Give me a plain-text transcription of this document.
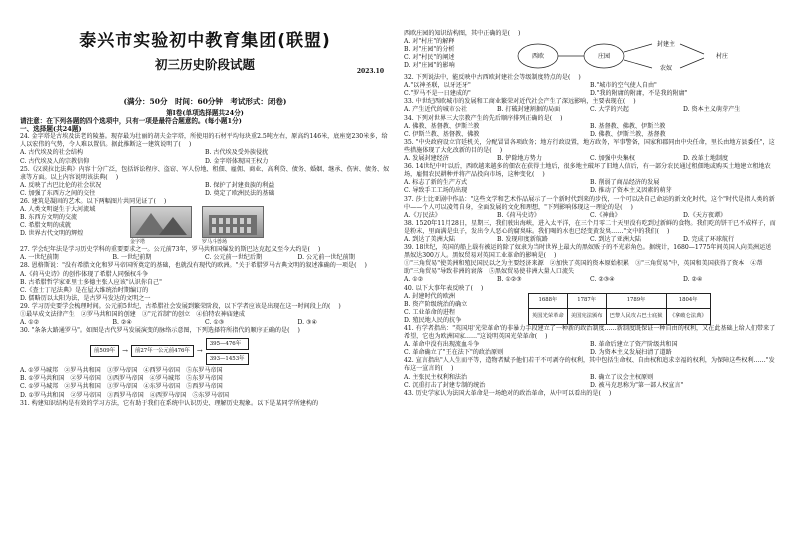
泰兴市实验初中教育集团(联盟)
初三历史阶段试题	2023.10
(满分：50分　时间：60分钟　考试形式：闭卷)

第Ⅰ卷(单项选择题共24分)

请注意：在下列各题的四个选项中，只有一项是最符合题意的。(每小题1分)

一、选择题(共24题)

24. 金字塔是古埃及法老的陵墓。现存最为壮丽的胡夫金字塔，所使用的石材平均每块重2.5吨左右，原高约146米，底座宽230米多，给人以宏伟的气势，令人难以置信。据此推断这一建筑说明了( 　)

A. 古代埃及的社会结构	B. 古代埃及受外族侵扰
C. 古代埃及人的宗教信仰	D. 金字塔体现国王权力

25.《汉谟拉比法典》内容十分广泛，包括诉讼程序、盗窃、军人份地、租佃、雇佣、商业、高利贷、债务、婚姻、继承、伤害、债务、奴隶等方面。以上内容说明该法典( 　)

A. 反映了古巴比伦的社会状况	B. 保护了封建贵族的利益
C. 加强了东西方之间的交往	D. 奠定了欧洲民法的基础

26. 建筑是凝固的艺术。以下两幅图片共同见证了( 　)

A. 人类文明诞生于大河流域
B. 东西方文明的交流
C. 希腊文明的成就
D. 世界古代文明的辉煌
金字塔	罗马斗兽场

27. 学会纪年法是学习历史学科的重要要求之一。公元前73年，罗马共和国爆发的斯巴达克起义至今大约是( 　)

A. 一世纪前期	B. 一世纪前期	C. 公元前一世纪后期	D. 公元前一世纪前期

28. 恩格斯说："没有希腊文化和罗马帝国所奠定的基础，也就没有现代的欧洲。"关于希腊罗马古典文明的叙述准确的一项是( 　)

A.《荷马史诗》的创作体现了希腊人同强权斗争
B. 古希腊哲学家亚里士多德主张人应该"认识你自己"
C.《查士丁尼法典》是在屋大维统治时期编订的
D. 儒略历以太阳为法，是古罗马发达的文明之一

29. 学习历史要学会梳理时间。公元前5世纪，古希腊社会发展到繁荣阶段，以下学者应该是出现在这一时间段上的( 　)

①最早成文法律产生　②罗马共和国的创建　③"元首制"的创立　④伯特农神庙建成

A. ①②	B. ②④	C. ①③	D. ③④

30. "条条大路通罗马"。如图是古代罗马发展演变的脉络示意图，下列选择符所指代的顺序正确的是( 　)

前509年	→	前27年一公元前476年	→
395—476年
393—1453年
A. ①罗马城邦　②罗马共和国　③罗马帝国　④西罗马帝国　⑤东罗马帝国
B. ①罗马共和国　②罗马帝国　③西罗马帝国　④罗马城邦　⑤东罗马帝国
C. ①罗马城邦　②罗马共和国　③罗马帝国　④东罗马帝国　⑤西罗马帝国
D. ①罗马共和国　②罗马帝国　③西罗马帝国　④西罗马帝国　⑤东罗马帝国

31. 构建知识结构是有效的学习方法，它有助于我们在系统中认识历史、理解历史现象。以下是某同学所建构的

西欧庄园的知识结构图，其中正确的是( 　)

A. 对"村庄"的解释
B. 对"庄园"的分析
C. 对"村民"的阐述
D. 对"庄园"的影响
西欧	庄园
封建主
农奴
村庄

32. 下列说法中，能反映中古西欧封建社会等级制度特点的是( 　)

A."以神圣联，以牙还牙"	B."城市的空气使人自由"
C."罗马不是一日建成的"	D."我的附庸的附庸，不是我的附庸"

33. 中世纪西欧城市的发展和工商业繁荣对近代社会产生了深远影响，主要表现在( 　)

A. 产生近代的城市公社	B. 打破封建割据的局面	C. 大学的兴起	D. 资本主义萌芽产生

34. 下列对世界三大宗教产生的先后顺序排列正确的是( 　)

A. 佛教、基督教、伊斯兰教	B. 基督教、佛教、伊斯兰教
C. 伊斯兰教、基督教、佛教	D. 佛教、伊斯兰教、基督教

35. "中央政府设立宫廷机关，分配冒冒各项政务；地方行政设置，地方政务，军事警备，国家和郡同由中央任命，里长由地方县委任"，这些措施体现了大化改新的目的是( 　)

A. 发展封建经济	B. 铲除地方势力	C. 加强中央集权	D. 改革土地制度

36. 14世纪中叶以后，西欧越来越多的佃农在获得土地后，很多地主破坏了旧地人信后，有一部分农民通过租佃地或购买土地建立租地农场，雇佣农民耕种并将产品投向市场，这种变化( 　)

A. 标志了新的生产方式	B. 削弱了商品经济的发展
C. 导致手工工场的出现	D. 推动了资本主义因素的萌芽

37. 莎士比亚剧中作品："这些文学和艺术作品展示了一个新时代到来的步伐，一个可以决自己命运的新文化时代，这个"时代是指人类的新中——个人可以凌驾自身，全面发展的文化和理想，"下列影响体现这一理论的是( 　)

A.《万民法》	B.《荷马史诗》	C.《神曲》	D.《天方夜谭》

38. 1520年11月28日，星期三，我们驶出海峡，进入太平洋，在三个月零二十天里没有吃到过新鲜的食物。我们吃的饼干已不成样子，而是粉末，里面满是虫子，发出令人恶心的腐臭味。我们喝的水也已经变黄发臭……"文中的我们( 　)

A. 到达了美洲大陆	B. 发现印度新航路	C. 到达了亚洲大陆	D. 完成了环球航行

39. 18世纪，英国的船上载有被运的除了奴隶为当时世界上最大的黑奴贩子的不光彩角色。据统计，1680—1775年间英国人向美洲运送黑奴达300万人。黑奴贸易对英国工业革命的影响是( 　)

①"三角贸易"使美洲和殖民国民以之为主要经济来源　②加快了英国的资本原始积累　③"三角贸易"中，英国和美国获得了资本　④帮助"三角贸易"导致非洲的衰落　⑤黑奴贸易使非洲大量人口流失

A. ①②	B. ①②③	C. ②③④	D. ②④

40. 以下大事年表反映了( 　)

A. 封建时代的欧洲
B. 资产阶级统治的确立
C. 工业革命的进程
D. 殖民地人民的抗争
1688年	1787年	1789年	1804年
英国光荣革命	美国宪法颁布	巴黎人民攻占巴士底狱	《拿破仑法典》

41. 有学者指出："英国用'光荣革命'的非暴力手段建立了一种新的政治制度……新制度既保证一种自由的权利，又在此基础上给人们带来了希望，它也为欧洲国家……"这说明英国光荣革命( 　)

A. 革命中没有出现流血斗争	B. 革命后建立了资产阶级共和国
C. 革命确立了"王在法下"的政治原则	D. 为资本主义发展扫清了道路

42. 宣言指出"人人生而平等，造物者赋予他们若干不可剥夺的权利，其中包括生命权、自由权和追求幸福的权利，为保障这些权利……"发布这一宣言的( 　)

A. 主张民主权利和法治	B. 确立了议会主权原则
C. 沉重打击了封建专制的统治	D. 被马克思称为"第一部人权宣言"

43. 历史学家认为法国大革命是一场绝对的政治革命，从中可以看出的是( 　)
